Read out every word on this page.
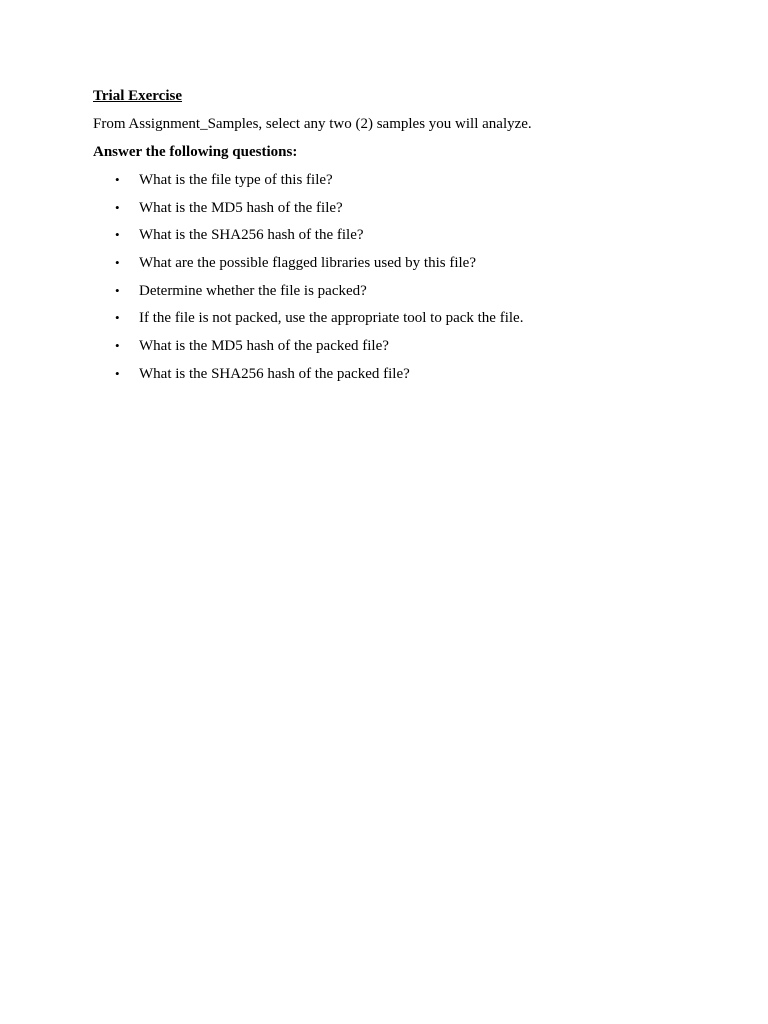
Trial Exercise
From Assignment_Samples, select any two (2) samples you will analyze.
Answer the following questions:
• What is the file type of this file?
• What is the MD5 hash of the file?
• What is the SHA256 hash of the file?
• What are the possible flagged libraries used by this file?
• Determine whether the file is packed?
• If the file is not packed, use the appropriate tool to pack the file.
• What is the MD5 hash of the packed file?
• What is the SHA256 hash of the packed file?
